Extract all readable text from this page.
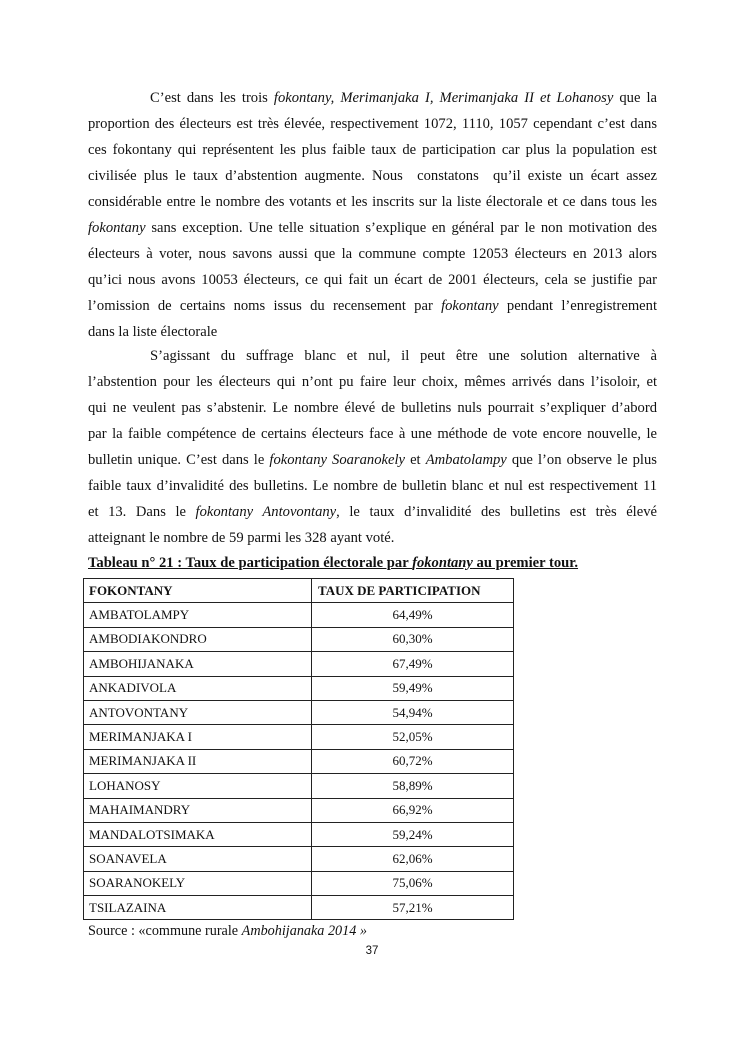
C’est dans les trois fokontany, Merimanjaka I, Merimanjaka II et Lohanosy que la
proportion des électeurs est très élevée, respectivement 1072, 1110, 1057 cependant c’est dans
ces fokontany qui représentent les plus faible taux de participation car plus la population est
civilisée plus le taux d’abstention augmente. Nous  constatons  qu’il existe un écart assez
considérable entre le nombre des votants et les inscrits sur la liste électorale et ce dans tous les
fokontany sans exception. Une telle situation s’explique en général par le non motivation des
électeurs à voter, nous savons aussi que la commune compte 12053 électeurs en 2013 alors
qu’ici nous avons 10053 électeurs, ce qui fait un écart de 2001 électeurs, cela se justifie par
l’omission de certains noms issus du recensement par fokontany pendant l’enregistrement
dans la liste électorale
S’agissant du suffrage blanc et nul, il peut être une solution alternative à
l’abstention pour les électeurs qui n’ont pu faire leur choix, mêmes arrivés dans l’isoloir, et
qui ne veulent pas s’abstenir. Le nombre élevé de bulletins nuls pourrait s’expliquer d’abord
par la faible compétence de certains électeurs face à une méthode de vote encore nouvelle, le
bulletin unique. C’est dans le fokontany Soaranokely et Ambatolampy que l’on observe le plus
faible taux d’invalidité des bulletins. Le nombre de bulletin blanc et nul est respectivement 11
et 13. Dans le fokontany Antovontany, le taux d’invalidité des bulletins est très élevé
atteignant le nombre de 59 parmi les 328 ayant voté.
Tableau n° 21 : Taux de participation électorale par fokontany au premier tour.
FOKONTANY	TAUX DE PARTICIPATION
AMBATOLAMPY	64,49%
AMBODIAKONDRO	60,30%
AMBOHIJANAKA	67,49%
ANKADIVOLA	59,49%
ANTOVONTANY	54,94%
MERIMANJAKA I	52,05%
MERIMANJAKA II	60,72%
LOHANOSY	58,89%
MAHAIMANDRY	66,92%
MANDALOTSIMAKA	59,24%
SOANAVELA	62,06%
SOARANOKELY	75,06%
TSILAZAINA	57,21%
Source : «commune rurale Ambohijanaka 2014 »
37
